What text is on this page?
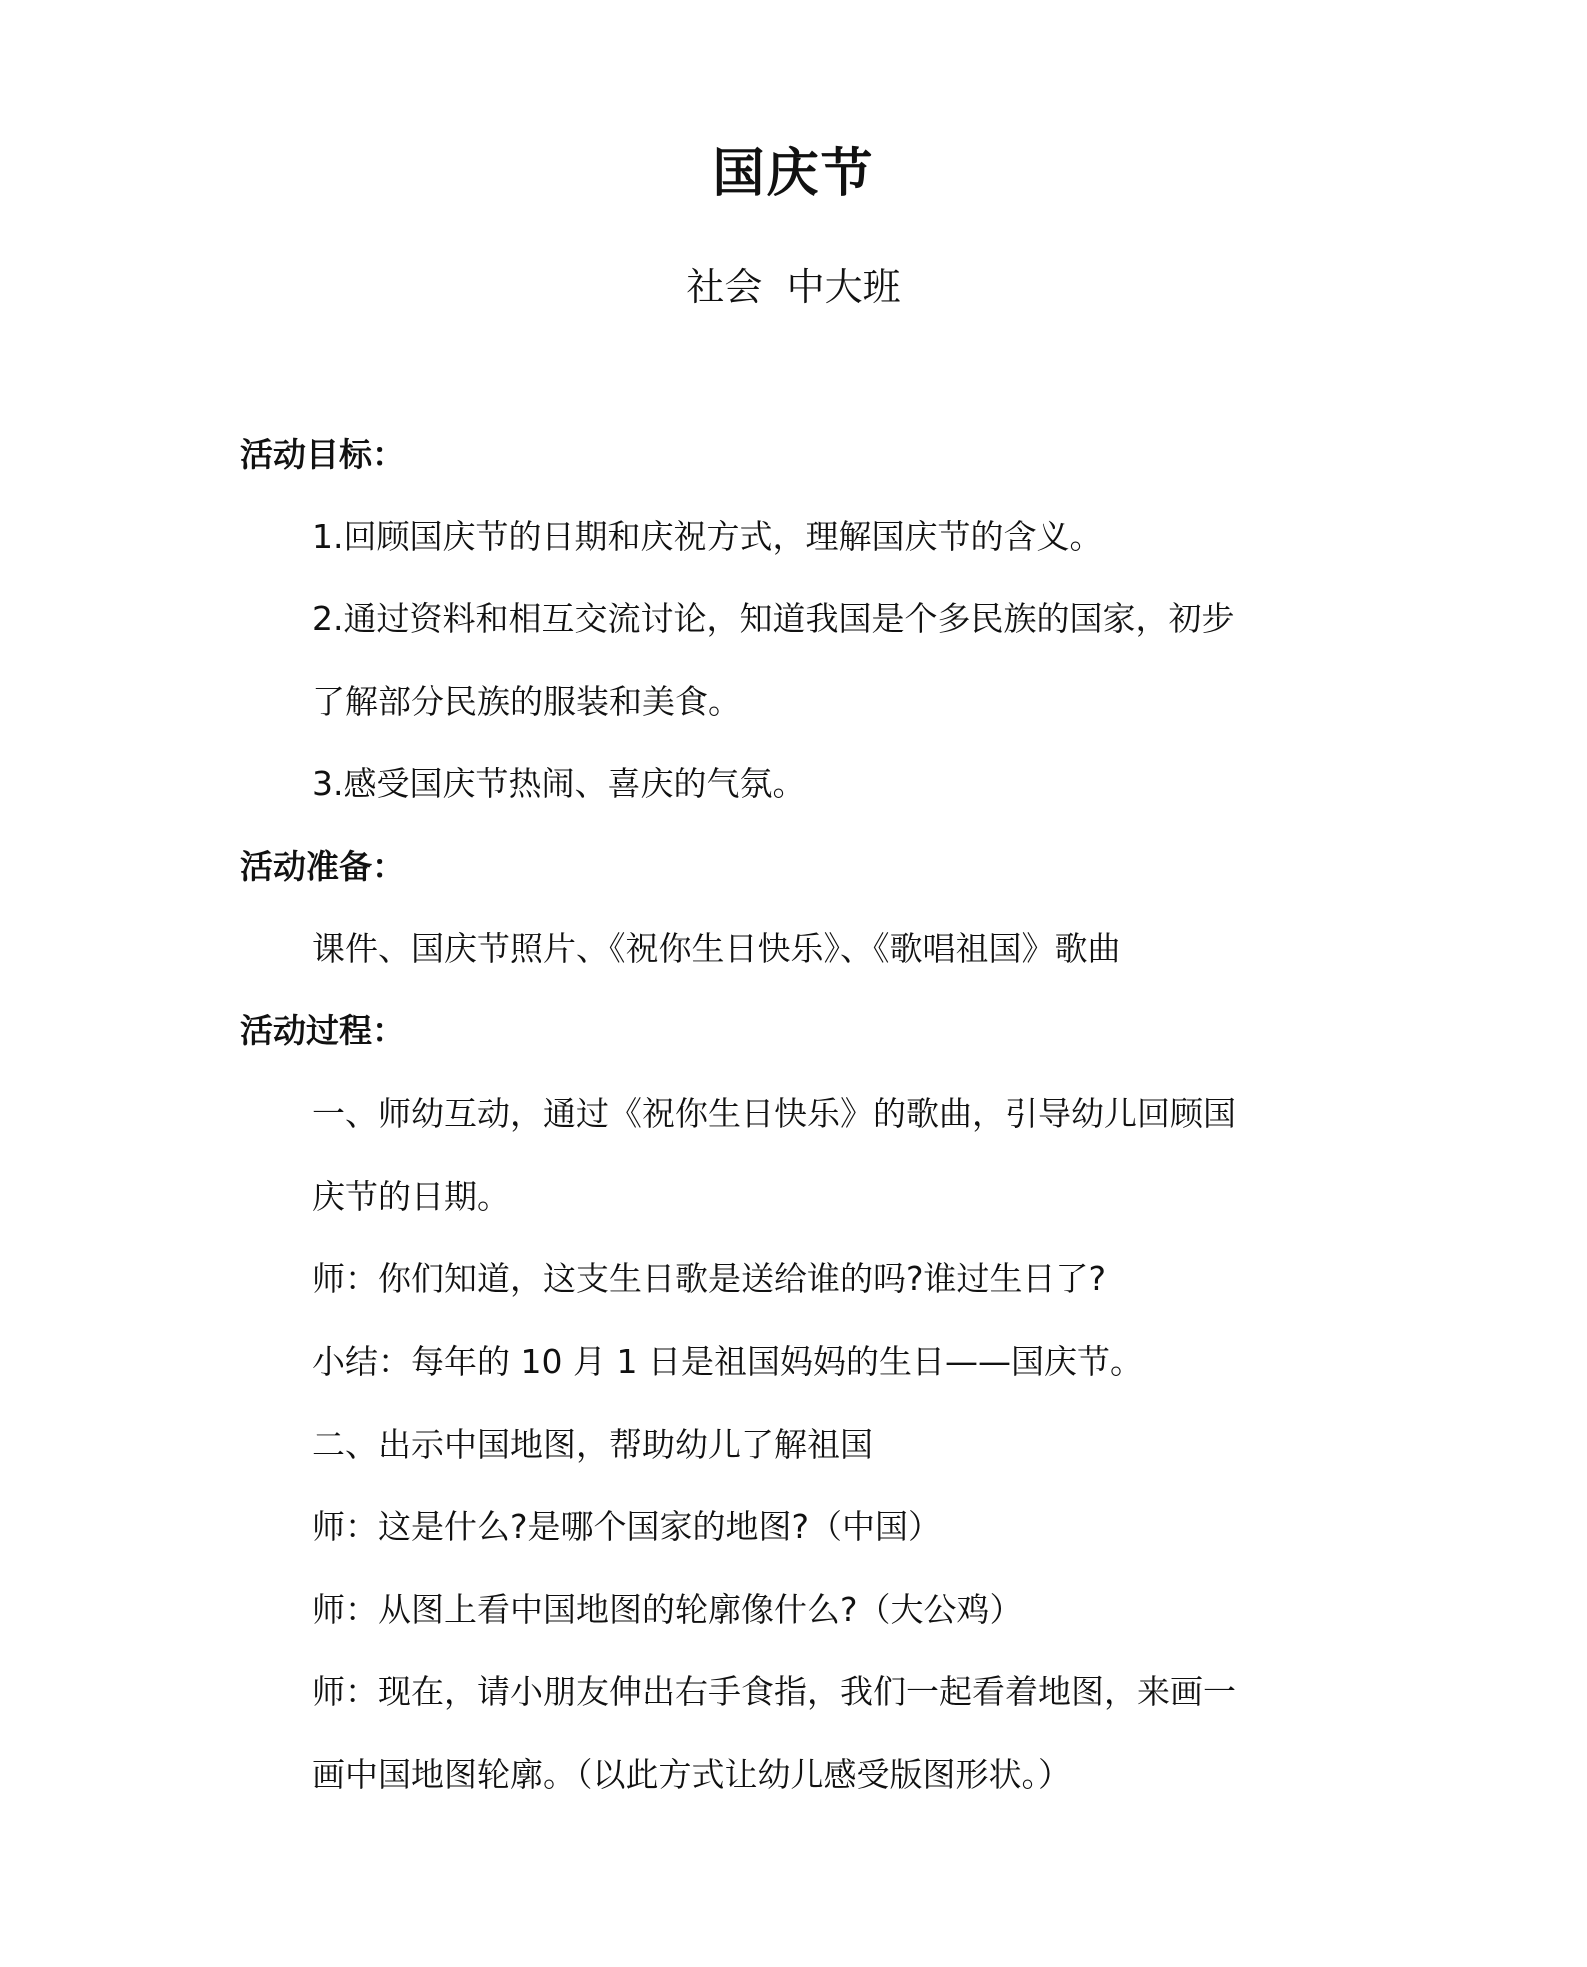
国庆节
社会  中大班
活动目标：
1.回顾国庆节的日期和庆祝方式，理解国庆节的含义。
2.通过资料和相互交流讨论，知道我国是个多民族的国家，初步
了解部分民族的服装和美食。
3.感受国庆节热闹、喜庆的气氛。
活动准备：
课件、国庆节照片、《祝你生日快乐》、《歌唱祖国》歌曲
活动过程：
一、师幼互动，通过《祝你生日快乐》的歌曲，引导幼儿回顾国
庆节的日期。
师：你们知道，这支生日歌是送给谁的吗?谁过生日了?
小结：每年的 10 月 1 日是祖国妈妈的生日——国庆节。
二、出示中国地图，帮助幼儿了解祖国
师：这是什么?是哪个国家的地图?（中国）
师：从图上看中国地图的轮廓像什么?（大公鸡）
师：现在，请小朋友伸出右手食指，我们一起看着地图，来画一
画中国地图轮廓。（以此方式让幼儿感受版图形状。）
